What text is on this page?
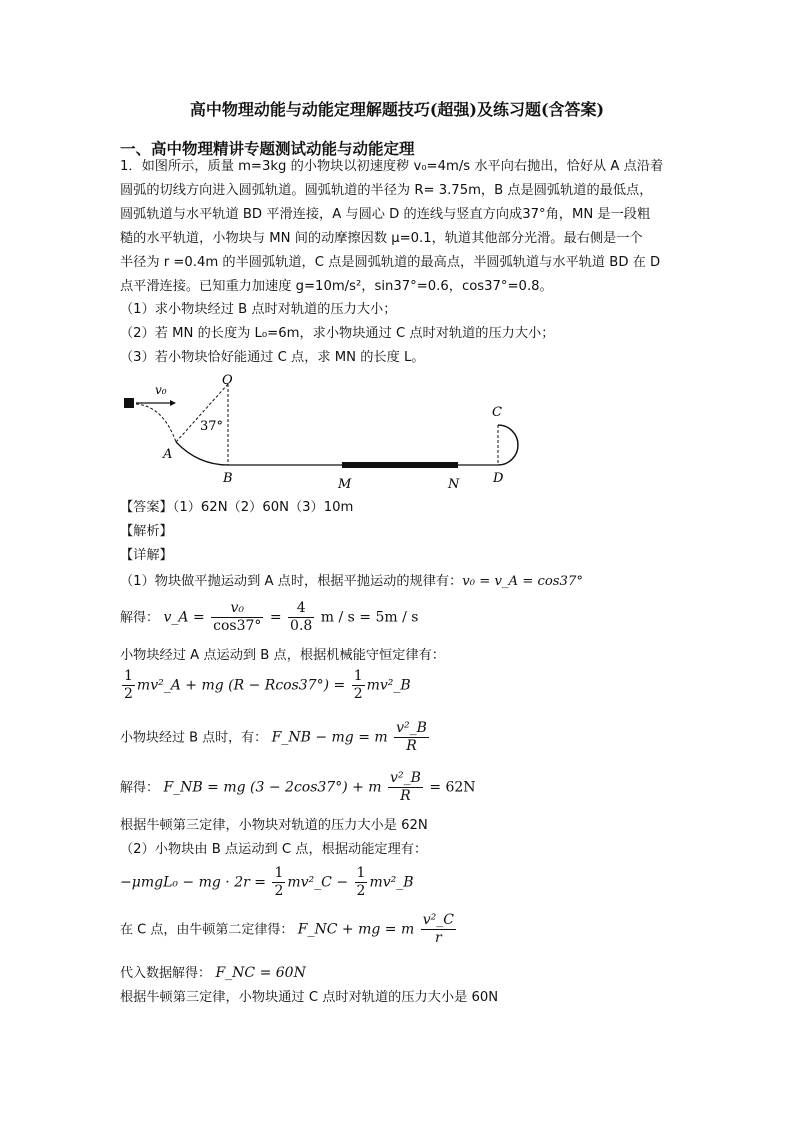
高中物理动能与动能定理解题技巧(超强)及练习题(含答案)
一、高中物理精讲专题测试动能与动能定理
1．如图所示，质量 m=3kg 的小物块以初速度秽 v₀=4m/s 水平向右抛出，恰好从 A 点沿着
圆弧的切线方向进入圆弧轨道。圆弧轨道的半径为 R= 3.75m，B 点是圆弧轨道的最低点，
圆弧轨道与水平轨道 BD 平滑连接，A 与圆心 D 的连线与竖直方向成37°角，MN 是一段粗
糙的水平轨道，小物块与 MN 间的动摩擦因数 μ=0.1，轨道其他部分光滑。最右侧是一个
半径为 r =0.4m 的半圆弧轨道，C 点是圆弧轨道的最高点，半圆弧轨道与水平轨道 BD 在 D
点平滑连接。已知重力加速度 g=10m/s²，sin37°=0.6，cos37°=0.8。
（1）求小物块经过 B 点时对轨道的压力大小；
（2）若 MN 的长度为 L₀=6m，求小物块通过 C 点时对轨道的压力大小；
（3）若小物块恰好能通过 C 点，求 MN 的长度 L。
v₀
O
37°
A
B	M	N	D
C
【答案】（1）62N（2）60N（3）10m
【解析】
【详解】
（1）物块做平抛运动到 A 点时，根据平抛运动的规律有：v₀ = v_A = cos37°
解得： v_A = $\frac{\text{v₀}}{\cos 37^\circ} = \frac{4}{0.8}$ m / s = 5m / s
小物块经过 A 点运动到 B 点，根据机械能守恒定律有：
$\frac{1}{2}$ mv²_A + mg $(R - Rcos37^\circ) = \frac{1}{2}$ mv²_B
小物块经过 B 点时，有： F_NB − mg = m $\frac{\text{v²\_B}}{R}$
解得： F_NB = mg (3 − 2cos37°) + m $\frac{\text{v²\_B}}{R} = 62N$
根据牛顿第三定律，小物块对轨道的压力大小是 62N
（2）小物块由 B 点运动到 C 点，根据动能定理有：
−μmgL₀ − mg · $2r = \frac{1}{2}$ mv²_C − $\frac{1}{2}$ mv²_B
在 C 点，由牛顿第二定律得： F_NC + mg = m $\frac{\text{v²\_C}}{r}$
代入数据解得： F_NC = 60N
根据牛顿第三定律，小物块通过 C 点时对轨道的压力大小是 60N
